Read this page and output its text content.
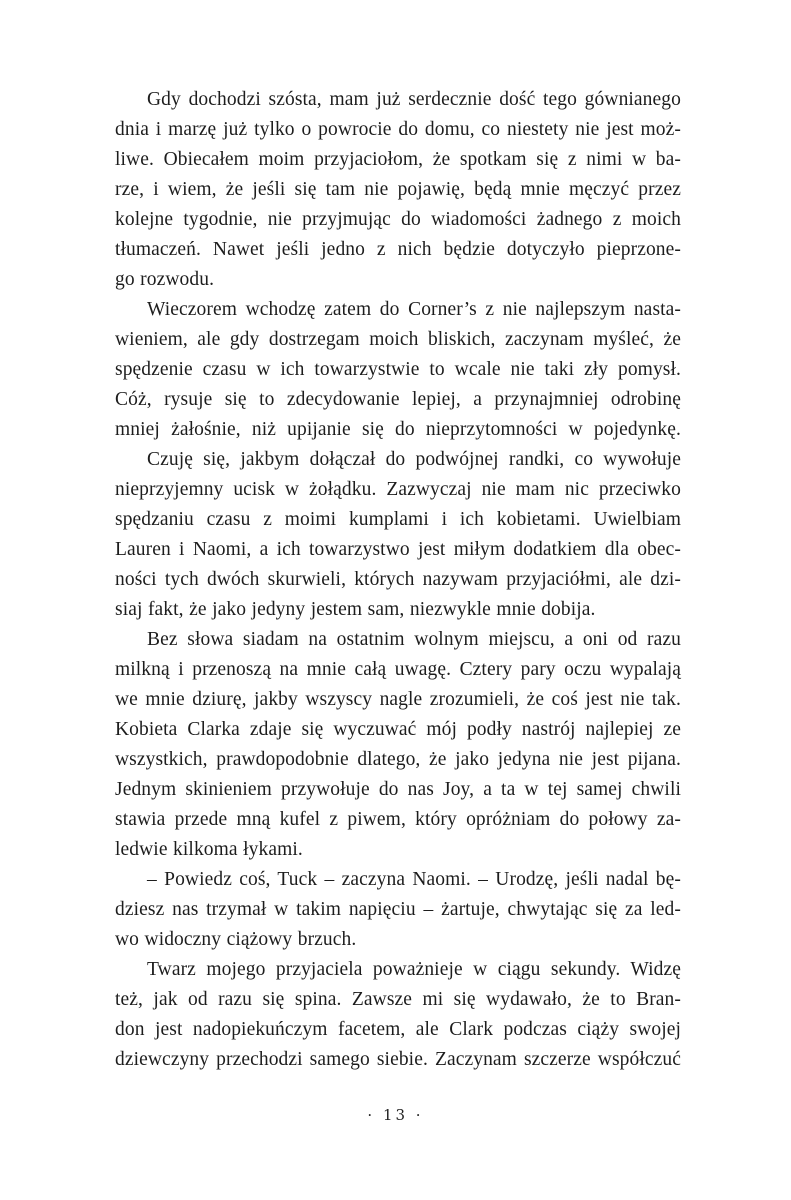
Gdy dochodzi szósta, mam już serdecznie dość tego gównianego
dnia i marzę już tylko o powrocie do domu, co niestety nie jest moż-
liwe. Obiecałem moim przyjaciołom, że spotkam się z nimi w ba-
rze, i wiem, że jeśli się tam nie pojawię, będą mnie męczyć przez
kolejne tygodnie, nie przyjmując do wiadomości żadnego z moich
tłumaczeń. Nawet jeśli jedno z nich będzie dotyczyło pieprzone-
go rozwodu.
Wieczorem wchodzę zatem do Corner’s z nie najlepszym nasta-
wieniem, ale gdy dostrzegam moich bliskich, zaczynam myśleć, że
spędzenie czasu w ich towarzystwie to wcale nie taki zły pomysł.
Cóż, rysuje się to zdecydowanie lepiej, a przynajmniej odrobinę
mniej żałośnie, niż upijanie się do nieprzytomności w pojedynkę.
Czuję się, jakbym dołączał do podwójnej randki, co wywołuje
nieprzyjemny ucisk w żołądku. Zazwyczaj nie mam nic przeciwko
spędzaniu czasu z moimi kumplami i ich kobietami. Uwielbiam
Lauren i Naomi, a ich towarzystwo jest miłym dodatkiem dla obec-
ności tych dwóch skurwieli, których nazywam przyjaciółmi, ale dzi-
siaj fakt, że jako jedyny jestem sam, niezwykle mnie dobija.
Bez słowa siadam na ostatnim wolnym miejscu, a oni od razu
milkną i przenoszą na mnie całą uwagę. Cztery pary oczu wypalają
we mnie dziurę, jakby wszyscy nagle zrozumieli, że coś jest nie tak.
Kobieta Clarka zdaje się wyczuwać mój podły nastrój najlepiej ze
wszystkich, prawdopodobnie dlatego, że jako jedyna nie jest pijana.
Jednym skinieniem przywołuje do nas Joy, a ta w tej samej chwili
stawia przede mną kufel z piwem, który opróżniam do połowy za-
ledwie kilkoma łykami.
– Powiedz coś, Tuck – zaczyna Naomi. – Urodzę, jeśli nadal bę-
dziesz nas trzymał w takim napięciu – żartuje, chwytając się za led-
wo widoczny ciążowy brzuch.
Twarz mojego przyjaciela poważnieje w ciągu sekundy. Widzę
też, jak od razu się spina. Zawsze mi się wydawało, że to Bran-
don jest nadopiekuńczym facetem, ale Clark podczas ciąży swojej
dziewczyny przechodzi samego siebie. Zaczynam szczerze współczuć
· 13 ·
